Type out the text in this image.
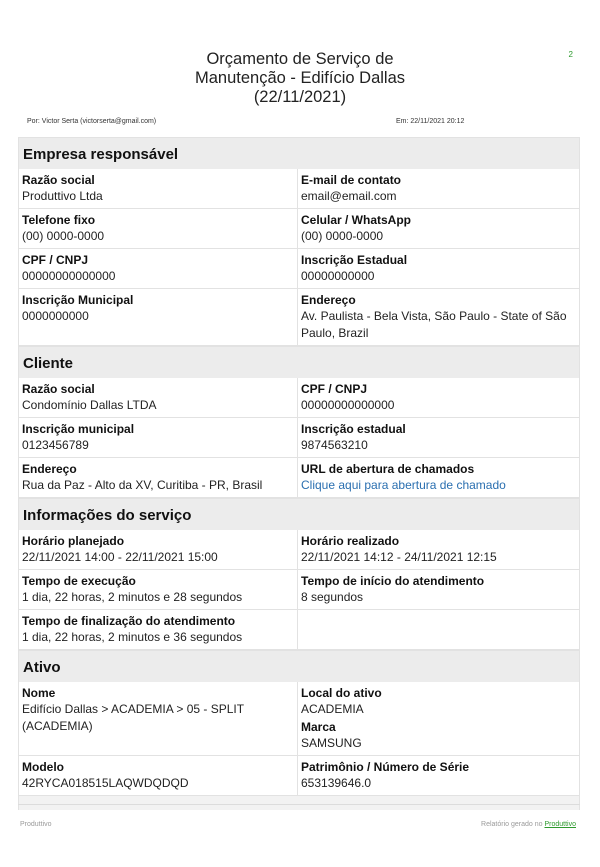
2
Orçamento de Serviço de
Manutenção - Edifício Dallas
(22/11/2021)
Por: Victor Serta (victorserta@gmail.com)	Em: 22/11/2021 20:12
Empresa responsável
Razão social
Produttivo Ltda
E-mail de contato
email@email.com
Telefone fixo
(00) 0000-0000
Celular / WhatsApp
(00) 0000-0000
CPF / CNPJ
00000000000000
Inscrição Estadual
00000000000
Inscrição Municipal
0000000000
Endereço
Av. Paulista - Bela Vista, São Paulo - State of São Paulo, Brazil
Cliente
Razão social
Condomínio Dallas LTDA
CPF / CNPJ
00000000000000
Inscrição municipal
0123456789
Inscrição estadual
9874563210
Endereço
Rua da Paz - Alto da XV, Curitiba - PR, Brasil
URL de abertura de chamados
Clique aqui para abertura de chamado
Informações do serviço
Horário planejado
22/11/2021 14:00 - 22/11/2021 15:00
Horário realizado
22/11/2021 14:12 - 24/11/2021 12:15
Tempo de execução
1 dia, 22 horas, 2 minutos e 28 segundos
Tempo de início do atendimento
8 segundos
Tempo de finalização do atendimento
1 dia, 22 horas, 2 minutos e 36 segundos
Ativo
Nome
Edifício Dallas > ACADEMIA > 05 - SPLIT (ACADEMIA)
Local do ativo
ACADEMIA
Marca
SAMSUNG
Modelo
42RYCA018515LAQWDQDQD
Patrimônio / Número de Série
653139646.0
Produttivo	Relatório gerado no Produttivo
